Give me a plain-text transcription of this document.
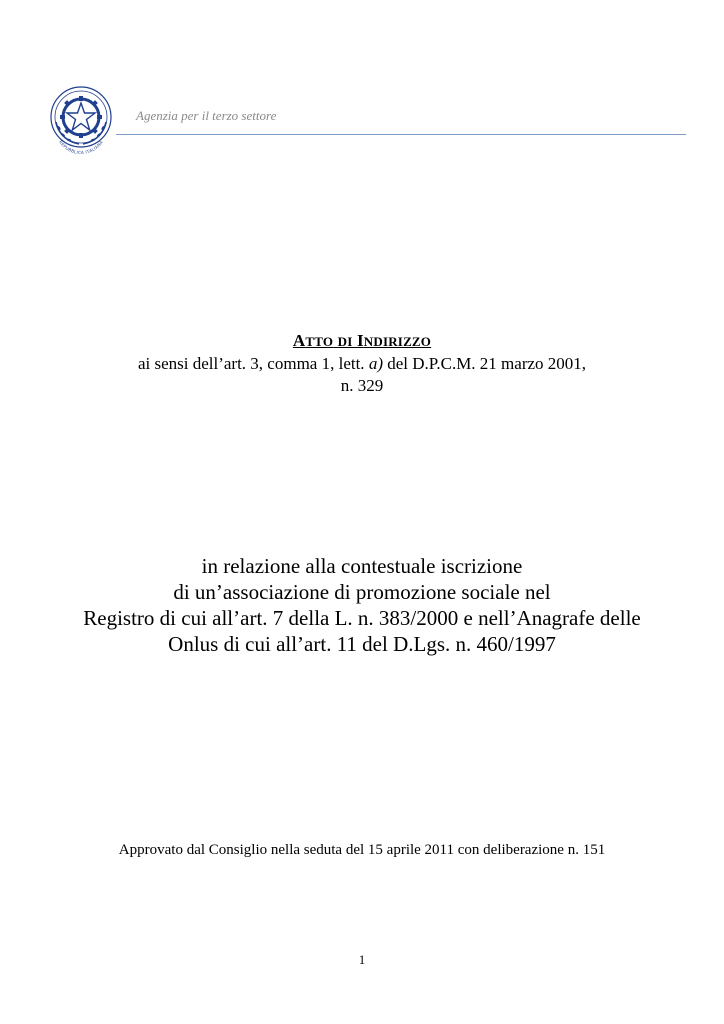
REPUBBLICA ITALIANA
Agenzia per il terzo settore
ATTO DI INDIRIZZO
ai sensi dell’art. 3, comma 1, lett. a) del D.P.C.M. 21 marzo 2001,
n. 329

in relazione alla contestuale iscrizione

di un’associazione di promozione sociale nel

Registro di cui all’art. 7 della L. n. 383/2000 e nell’Anagrafe delle

Onlus di cui all’art. 11 del D.Lgs. n. 460/1997

Approvato dal Consiglio nella seduta del 15 aprile 2011 con deliberazione n. 151
1
